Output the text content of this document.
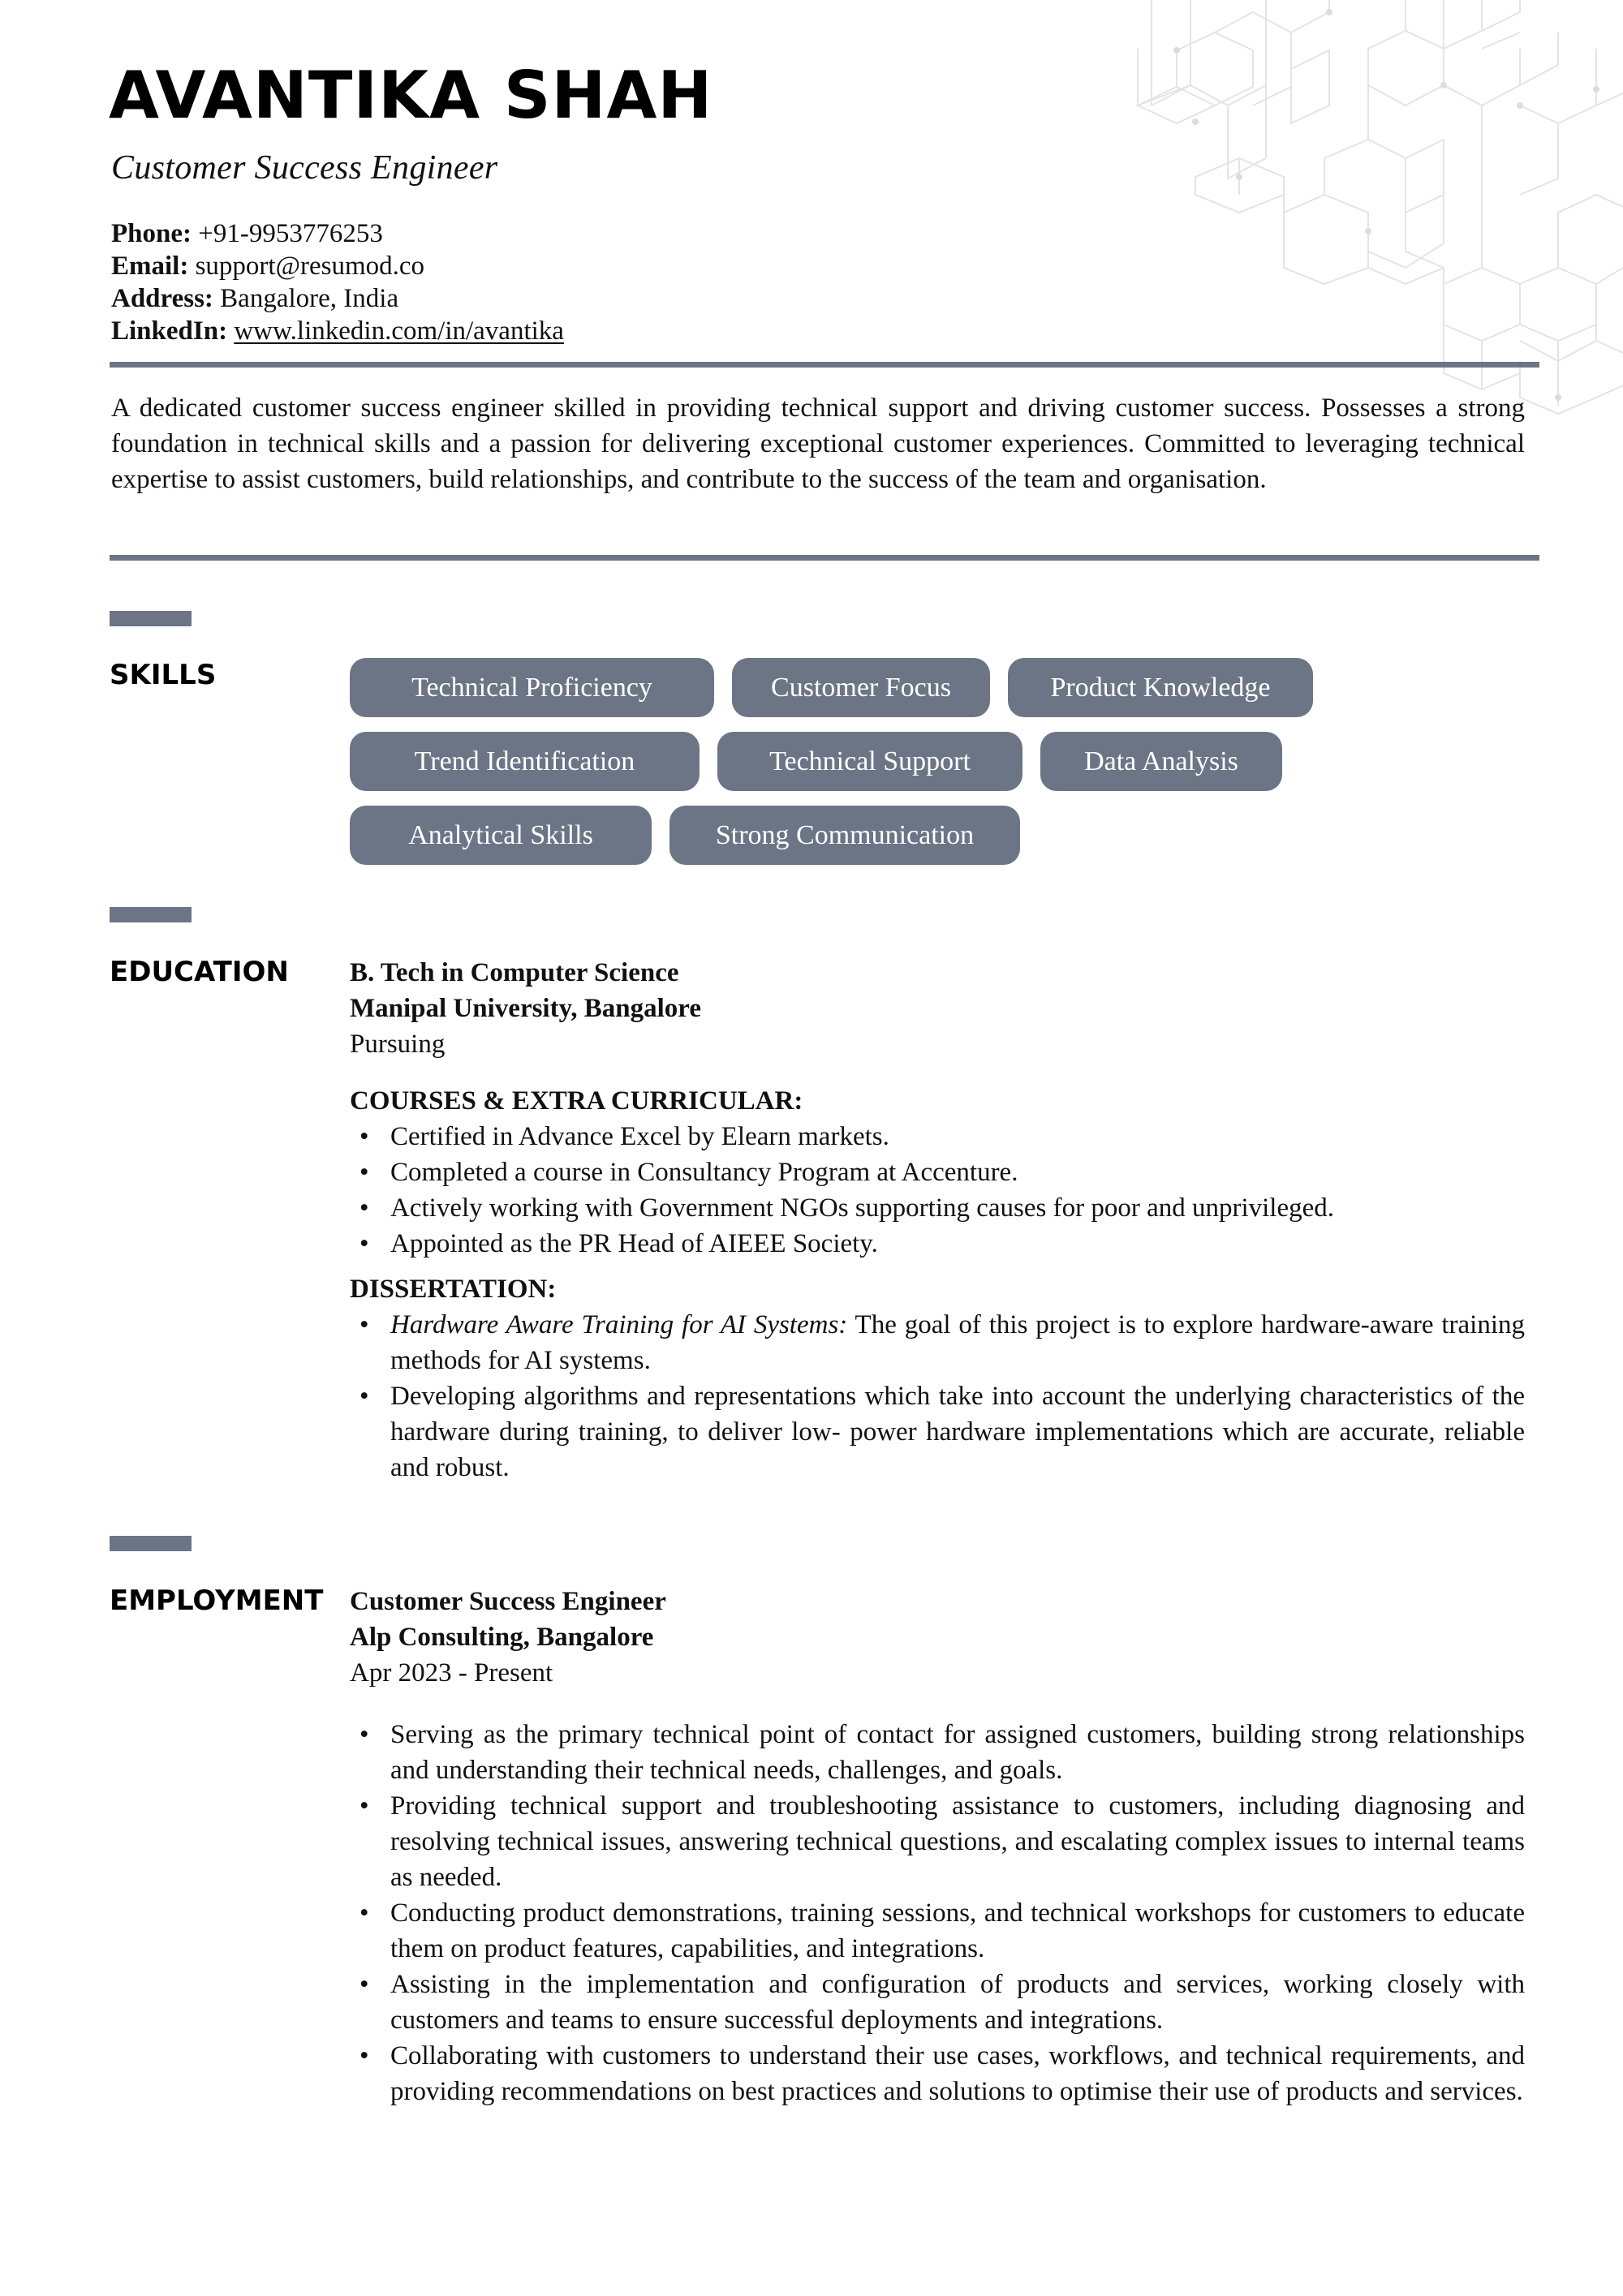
AVANTIKA SHAH
Customer Success Engineer
Phone: +91-9953776253
Email: support@resumod.co
Address: Bangalore, India
LinkedIn: www.linkedin.com/in/avantika

A dedicated customer success engineer skilled in providing technical support and driving customer success. Possesses a strong foundation in technical skills and a passion for delivering exceptional customer experiences. Committed to leveraging technical expertise to assist customers, build relationships, and contribute to the success of the team and organisation.

SKILLS	Technical Proficiency	Customer Focus	Product Knowledge
Trend Identification	Technical Support	Data Analysis
Analytical Skills	Strong Communication
EDUCATION B. Tech in Computer Science
Manipal University, Bangalore
Pursuing
COURSES & EXTRA CURRICULAR:
• Certified in Advance Excel by Elearn markets.
• Completed a course in Consultancy Program at Accenture.
• Actively working with Government NGOs supporting causes for poor and unprivileged.
• Appointed as the PR Head of AIEEE Society.
DISSERTATION:
• Hardware Aware Training for AI Systems: The goal of this project is to explore hardware-aware training methods for AI systems.
• Developing algorithms and representations which take into account the underlying characteristics of the hardware during training, to deliver low- power hardware implementations which are accurate, reliable and robust.
EMPLOYMENT Customer Success Engineer
Alp Consulting, Bangalore
Apr 2023 - Present
• Serving as the primary technical point of contact for assigned customers, building strong relationships and understanding their technical needs, challenges, and goals.
• Providing technical support and troubleshooting assistance to customers, including diagnosing and resolving technical issues, answering technical questions, and escalating complex issues to internal teams as needed.
• Conducting product demonstrations, training sessions, and technical workshops for customers to educate them on product features, capabilities, and integrations.
• Assisting in the implementation and configuration of products and services, working closely with customers and teams to ensure successful deployments and integrations.
• Collaborating with customers to understand their use cases, workflows, and technical requirements, and providing recommendations on best practices and solutions to optimise their use of products and services.
